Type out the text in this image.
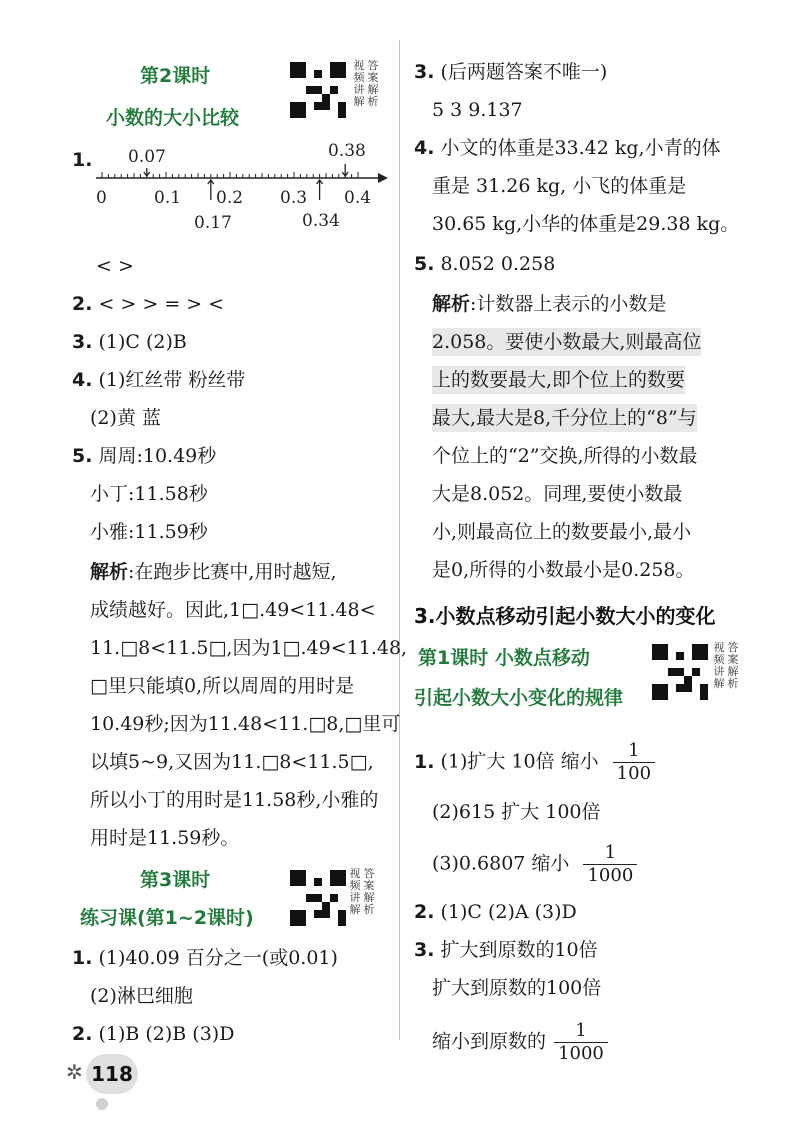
第2课时
小数的大小比较
视 答
频 案
讲 解
解 析
1. 0.07	0.38
0	0.1 0.2 0.3 0.4
0.17	0.34
< >
2. < > > = > <
3. (1)C (2)B
4. (1)红丝带 粉丝带
(2)黄 蓝
5. 周周:10.49秒
小丁:11.58秒
小雅:11.59秒
解析:在跑步比赛中,用时越短,
成绩越好。因此,1□.49<11.48<
11.□8<11.5□,因为1□.49<11.48,
□里只能填0,所以周周的用时是
10.49秒;因为11.48<11.□8,□里可
以填5~9,又因为11.□8<11.5□,
所以小丁的用时是11.58秒,小雅的
用时是11.59秒。
第3课时
练习课(第1~2课时)
视 答
频 案
讲 解
解 析
1. (1)40.09 百分之一(或0.01)
(2)淋巴细胞
2. (1)B (2)B (3)D
3. (后两题答案不唯一)
5 3 9.137
4. 小文的体重是33.42 kg,小青的体
重是 31.26 kg, 小飞的体重是
30.65 kg,小华的体重是29.38 kg。
5. 8.052 0.258
解析:计数器上表示的小数是
2.058。要使小数最大,则最高位
上的数要最大,即个位上的数要
最大,最大是8,千分位上的“8”与
个位上的“2”交换,所得的小数最
大是8.052。同理,要使小数最
小,则最高位上的数要最小,最小
是0,所得的小数最小是0.258。
3.小数点移动引起小数大小的变化
第1课时 小数点移动
引起小数大小变化的规律
视 答
频 案
讲 解
解 析
1. (1)扩大 10倍 缩小 $\frac{1}{100}$
(2)615 扩大 100倍
(3)0.6807 缩小 $\frac{1}{1000}$
2. (1)C (2)A (3)D
3. 扩大到原数的10倍
扩大到原数的100倍
缩小到原数的 $\frac{1}{1000}$
✲ 118
